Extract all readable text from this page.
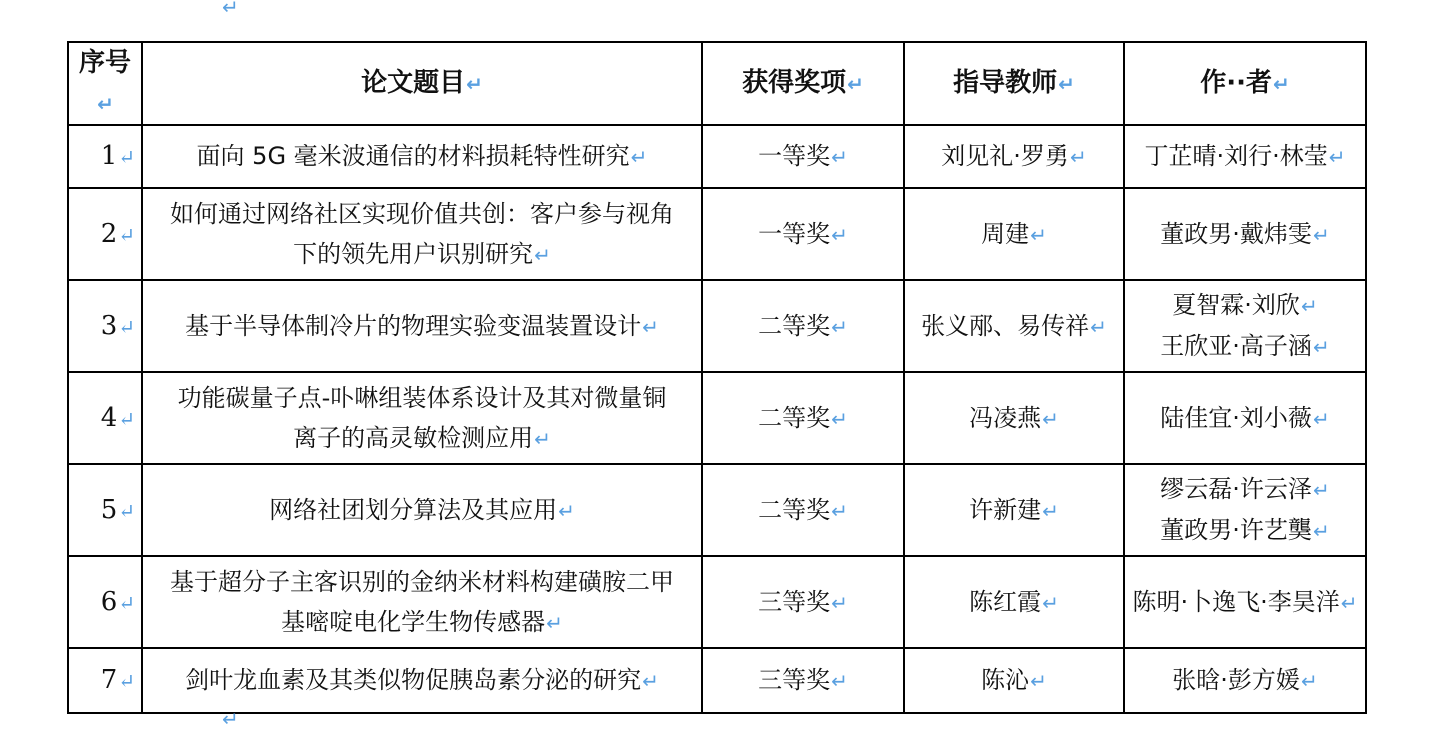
↵
序号↵	论文题目↵	获得奖项↵	指导教师↵	作··者↵
1↵	面向 5G 毫米波通信的材料损耗特性研究↵	一等奖↵	刘见礼·罗勇↵	丁芷晴·刘行·林莹↵

2↵	如何通过网络社区实现价值共创：客户参与视角
下的领先用户识别研究↵	一等奖↵	周建↵	董政男·戴炜雯↵

3↵	基于半导体制冷片的物理实验变温装置设计↵	二等奖↵	张义邴、易传祥↵	夏智霖·刘欣↵
王欣亚·高子涵↵

4↵	功能碳量子点-卟啉组装体系设计及其对微量铜
离子的高灵敏检测应用↵	二等奖↵	冯凌燕↵	陆佳宜·刘小薇↵

5↵	网络社团划分算法及其应用↵	二等奖↵	许新建↵	缪云磊·许云泽↵
董政男·许艺龑↵

6↵	基于超分子主客识别的金纳米材料构建磺胺二甲
基嘧啶电化学生物传感器↵	三等奖↵	陈红霞↵	陈明·卜逸飞·李昊洋↵

7↵	剑叶龙血素及其类似物促胰岛素分泌的研究↵	三等奖↵	陈沁↵	张晗·彭方媛↵
↵
